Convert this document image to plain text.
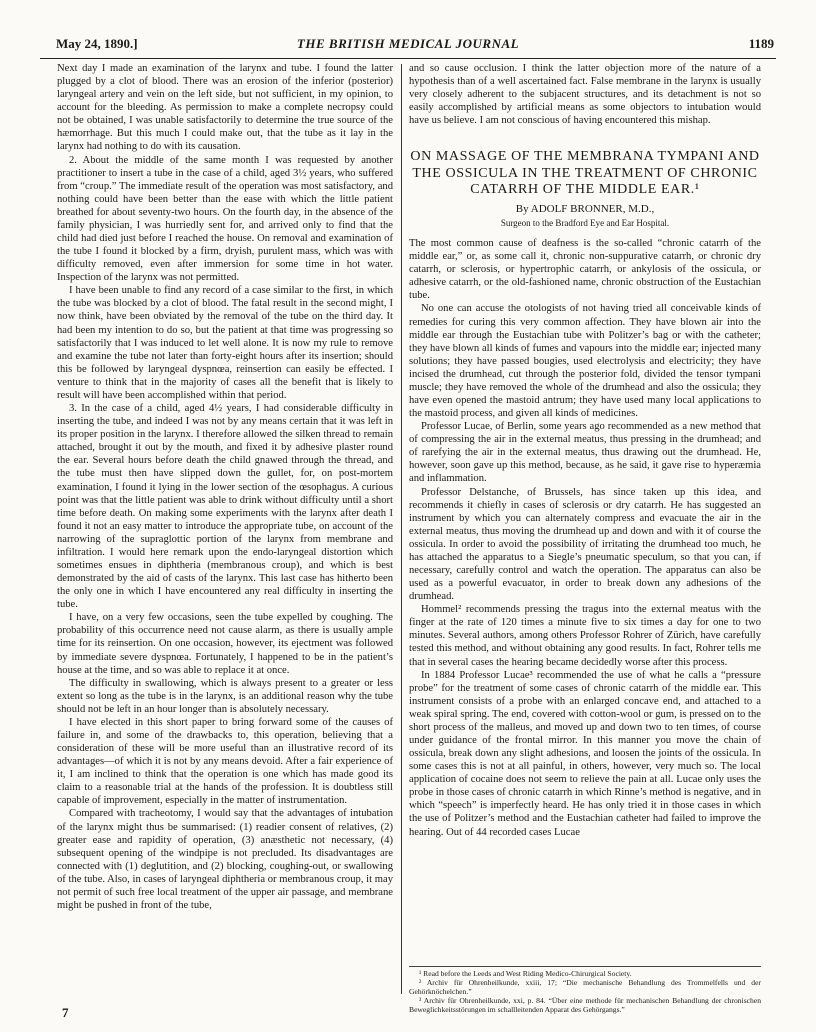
May 24, 1890.]	THE BRITISH MEDICAL JOURNAL	1189

Next day I made an examination of the larynx and tube. I found the latter plugged by a clot of blood. There was an erosion of the inferior (posterior) laryngeal artery and vein on the left side, but not sufficient, in my opinion, to account for the bleeding. As permission to make a complete necropsy could not be obtained, I was unable satisfactorily to determine the true source of the hæmorrhage. But this much I could make out, that the tube as it lay in the larynx had nothing to do with its causation.

2. About the middle of the same month I was requested by another practitioner to insert a tube in the case of a child, aged 3½ years, who suffered from “croup.” The immediate result of the operation was most satisfactory, and nothing could have been better than the ease with which the little patient breathed for about seventy-two hours. On the fourth day, in the absence of the family physician, I was hurriedly sent for, and arrived only to find that the child had died just before I reached the house. On removal and examination of the tube I found it blocked by a firm, dryish, purulent mass, which was with difficulty removed, even after immersion for some time in hot water. Inspection of the larynx was not permitted.

I have been unable to find any record of a case similar to the first, in which the tube was blocked by a clot of blood. The fatal result in the second might, I now think, have been obviated by the removal of the tube on the third day. It had been my intention to do so, but the patient at that time was progressing so satisfactorily that I was induced to let well alone. It is now my rule to remove and examine the tube not later than forty-eight hours after its insertion; should this be followed by laryngeal dyspnœa, reinsertion can easily be effected. I venture to think that in the majority of cases all the benefit that is likely to result will have been accomplished within that period.

3. In the case of a child, aged 4½ years, I had considerable difficulty in inserting the tube, and indeed I was not by any means certain that it was left in its proper position in the larynx. I therefore allowed the silken thread to remain attached, brought it out by the mouth, and fixed it by adhesive plaster round the ear. Several hours before death the child gnawed through the thread, and the tube must then have slipped down the gullet, for, on post-mortem examination, I found it lying in the lower section of the œsophagus. A curious point was that the little patient was able to drink without difficulty until a short time before death. On making some experiments with the larynx after death I found it not an easy matter to introduce the appropriate tube, on account of the narrowing of the supraglottic portion of the larynx from membrane and infiltration. I would here remark upon the endo-laryngeal distortion which sometimes ensues in diphtheria (membranous croup), and which is best demonstrated by the aid of casts of the larynx. This last case has hitherto been the only one in which I have encountered any real difficulty in inserting the tube.

I have, on a very few occasions, seen the tube expelled by coughing. The probability of this occurrence need not cause alarm, as there is usually ample time for its reinsertion. On one occasion, however, its ejectment was followed by immediate severe dyspnœa. Fortunately, I happened to be in the patient’s house at the time, and so was able to replace it at once.

The difficulty in swallowing, which is always present to a greater or less extent so long as the tube is in the larynx, is an additional reason why the tube should not be left in an hour longer than is absolutely necessary.

I have elected in this short paper to bring forward some of the causes of failure in, and some of the drawbacks to, this operation, believing that a consideration of these will be more useful than an illustrative record of its advantages—of which it is not by any means devoid. After a fair experience of it, I am inclined to think that the operation is one which has made good its claim to a reasonable trial at the hands of the profession. It is doubtless still capable of improvement, especially in the matter of instrumentation.

Compared with tracheotomy, I would say that the advantages of intubation of the larynx might thus be summarised: (1) readier consent of relatives, (2) greater ease and rapidity of operation, (3) anæsthetic not necessary, (4) subsequent opening of the windpipe is not precluded. Its disadvantages are connected with (1) deglutition, and (2) blocking, coughing-out, or swallowing of the tube. Also, in cases of laryngeal diphtheria or membranous croup, it may not permit of such free local treatment of the upper air passage, and membrane might be pushed in front of the tube,

and so cause occlusion. I think the latter objection more of the nature of a hypothesis than of a well ascertained fact. False membrane in the larynx is usually very closely adherent to the subjacent structures, and its detachment is not so easily accomplished by artificial means as some objectors to intubation would have us believe. I am not conscious of having encountered this mishap.

ON MASSAGE OF THE MEMBRANA TYMPANI AND THE OSSICULA IN THE TREATMENT OF CHRONIC CATARRH OF THE MIDDLE EAR.¹
By ADOLF BRONNER, M.D.,
Surgeon to the Bradford Eye and Ear Hospital.

The most common cause of deafness is the so-called “chronic catarrh of the middle ear,” or, as some call it, chronic non-suppurative catarrh, or chronic dry catarrh, or sclerosis, or hypertrophic catarrh, or ankylosis of the ossicula, or adhesive catarrh, or the old-fashioned name, chronic obstruction of the Eustachian tube.

No one can accuse the otologists of not having tried all conceivable kinds of remedies for curing this very common affection. They have blown air into the middle ear through the Eustachian tube with Politzer’s bag or with the catheter; they have blown all kinds of fumes and vapours into the middle ear; injected many solutions; they have passed bougies, used electrolysis and electricity; they have incised the drumhead, cut through the posterior fold, divided the tensor tympani muscle; they have removed the whole of the drumhead and also the ossicula; they have even opened the mastoid antrum; they have used many local applications to the mastoid process, and given all kinds of medicines.

Professor Lucae, of Berlin, some years ago recommended as a new method that of compressing the air in the external meatus, thus pressing in the drumhead; and of rarefying the air in the external meatus, thus drawing out the drumhead. He, however, soon gave up this method, because, as he said, it gave rise to hyperæmia and inflammation.

Professor Delstanche, of Brussels, has since taken up this idea, and recommends it chiefly in cases of sclerosis or dry catarrh. He has suggested an instrument by which you can alternately compress and evacuate the air in the external meatus, thus moving the drumhead up and down and with it of course the ossicula. In order to avoid the possibility of irritating the drumhead too much, he has attached the apparatus to a Siegle’s pneumatic speculum, so that you can, if necessary, carefully control and watch the operation. The apparatus can also be used as a powerful evacuator, in order to break down any adhesions of the drumhead.

Hommel² recommends pressing the tragus into the external meatus with the finger at the rate of 120 times a minute five to six times a day for one to two minutes. Several authors, among others Professor Rohrer of Zürich, have carefully tested this method, and without obtaining any good results. In fact, Rohrer tells me that in several cases the hearing became decidedly worse after this process.

In 1884 Professor Lucae³ recommended the use of what he calls a “pressure probe” for the treatment of some cases of chronic catarrh of the middle ear. This instrument consists of a probe with an enlarged concave end, and attached to a weak spiral spring. The end, covered with cotton-wool or gum, is pressed on to the short process of the malleus, and moved up and down two to ten times, of course under guidance of the frontal mirror. In this manner you move the chain of ossicula, break down any slight adhesions, and loosen the joints of the ossicula. In some cases this is not at all painful, in others, however, very much so. The local application of cocaine does not seem to relieve the pain at all. Lucae only uses the probe in those cases of chronic catarrh in which Rinne’s method is negative, and in which “speech” is imperfectly heard. He has only tried it in those cases in which the use of Politzer’s method and the Eustachian catheter had failed to improve the hearing. Out of 44 recorded cases Lucae

¹ Read before the Leeds and West Riding Medico-Chirurgical Society.
² Archiv für Ohrenheilkunde, xxiii, 17; “Die mechanische Behandlung des Trommelfells und der Gehörknöchelchen.”
³ Archiv für Ohrenheilkunde, xxi, p. 84. “Über eine methode für mechanischen Behandlung der chronischen Beweglichkeitsstörungen im schallleitenden Apparat des Gehörgangs.”
7
